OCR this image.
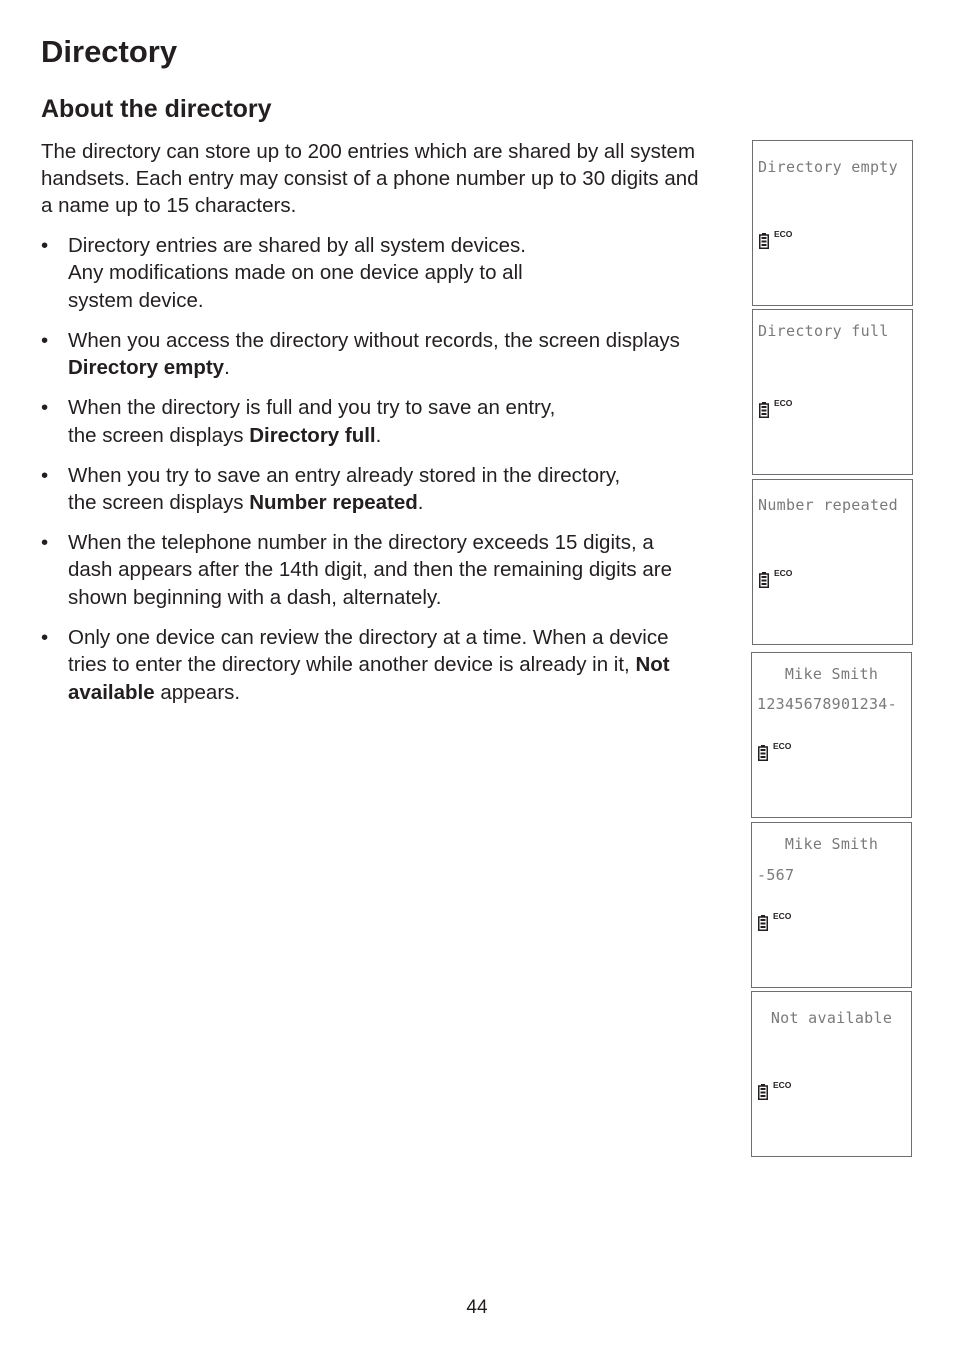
Directory
About the directory

The directory can store up to 200 entries which are shared by all system handsets. Each entry may consist of a phone number up to 30 digits and a name up to 15 characters.

• Directory entries are shared by all system devices.
Any modifications made on one device apply to all
system device.
• When you access the directory without records, the screen displays Directory empty.
• When the directory is full and you try to save an entry,
the screen displays Directory full.
• When you try to save an entry already stored in the directory,
the screen displays Number repeated.
• When the telephone number in the directory exceeds 15 digits, a dash appears after the 14th digit, and then the remaining digits are shown beginning with a dash, alternately.
• Only one device can review the directory at a time. When a device tries to enter the directory while another device is already in it, Not available appears.
Directory empty
ECO
Directory full
ECO
Number repeated
ECO
Mike Smith
12345678901234-
ECO
Mike Smith
-567
ECO
Not available
ECO
44
